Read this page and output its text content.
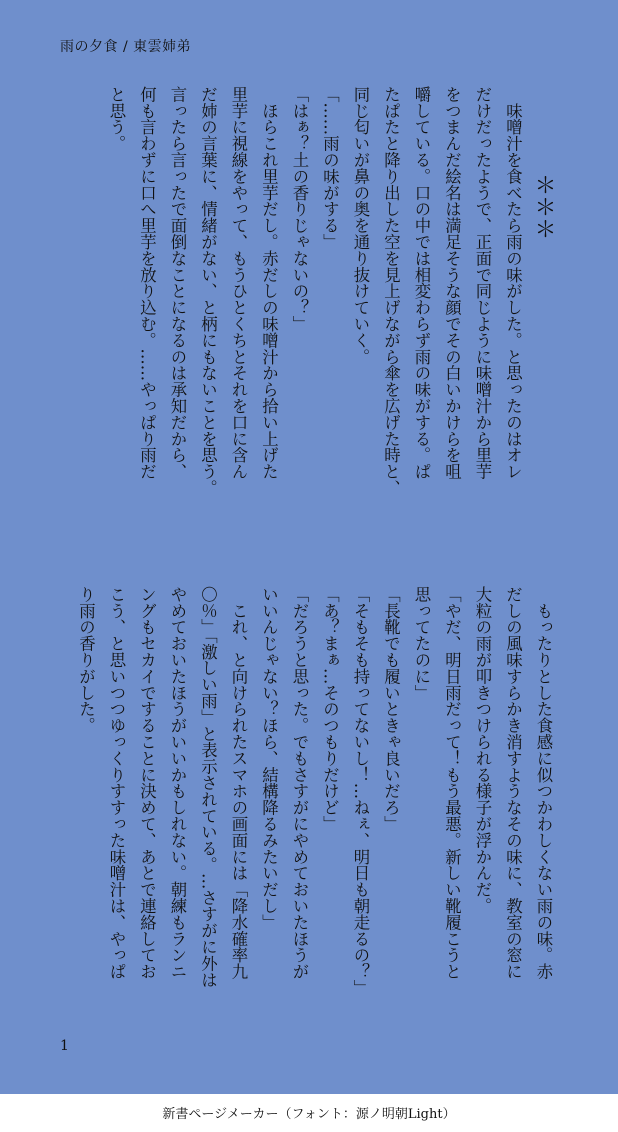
雨の夕食 / 東雲姉弟
　　　　＊＊＊
　味噌汁を食べたら雨の味がした。と思ったのはオレ
だけだったようで、正面で同じように味噌汁から里芋
をつまんだ絵名は満足そうな顔でその白いかけらを咀
嚼している。口の中では相変わらず雨の味がする。ぱ
たぱたと降り出した空を見上げながら傘を広げた時と、
同じ匂いが鼻の奥を通り抜けていく。
「……雨の味がする」
「はぁ？土の香りじゃないの？」
　ほらこれ里芋だし。赤だしの味噌汁から拾い上げた
里芋に視線をやって、もうひとくちとそれを口に含ん
だ姉の言葉に、情緒がない、と柄にもないことを思う。
言ったら言ったで面倒なことになるのは承知だから、
何も言わずに口へ里芋を放り込む。……やっぱり雨だ
と思う。
　もったりとした食感に似つかわしくない雨の味。赤
だしの風味すらかき消すようなその味に、教室の窓に
大粒の雨が叩きつけられる様子が浮かんだ。
「やだ、明日雨だって！もう最悪。新しい靴履こうと
思ってたのに」
「長靴でも履いときゃ良いだろ」
「そもそも持ってないし！…ねぇ、明日も朝走るの？」
「あ？まぁ…そのつもりだけど」
「だろうと思った。でもさすがにやめておいたほうが
いいんじゃない？ほら、結構降るみたいだし」
　これ、と向けられたスマホの画面には「降水確率九
〇％」「激しい雨」と表示されている。…さすがに外は
やめておいたほうがいいかもしれない。朝練もランニ
ングもセカイですることに決めて、あとで連絡してお
こう、と思いつつゆっくりすすった味噌汁は、やっぱ
り雨の香りがした。
1
新書ページメーカー（フォント：源ノ明朝Light）
